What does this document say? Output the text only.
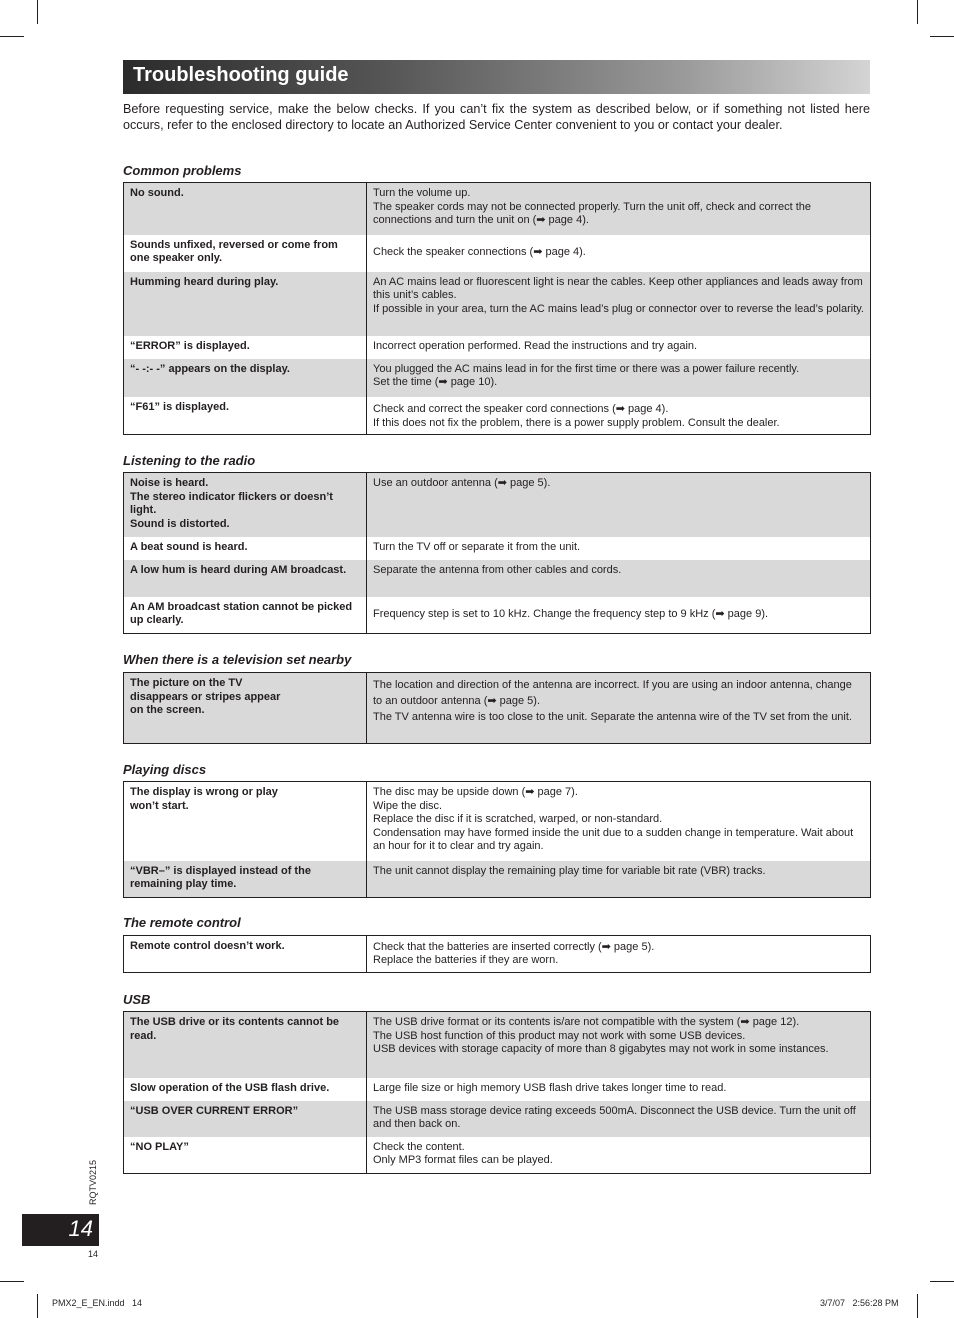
Troubleshooting guide
Before requesting service, make the below checks. If you can’t fix the system as described below, or if something not listed here occurs, refer to the enclosed directory to locate an Authorized Service Center convenient to you or contact your dealer.
Common problems
No sound.	Turn the volume up.
The speaker cords may not be connected properly. Turn the unit off, check and correct the connections and turn the unit on (➡ page 4).
Sounds unfixed, reversed or come from one speaker only.	Check the speaker connections (➡ page 4).
Humming heard during play.	An AC mains lead or fluorescent light is near the cables. Keep other appliances and leads away from this unit’s cables.
If possible in your area, turn the AC mains lead’s plug or connector over to reverse the lead’s polarity.
“ERROR” is displayed.	Incorrect operation performed. Read the instructions and try again.
“- -:- -” appears on the display.	You plugged the AC mains lead in for the first time or there was a power failure recently.
Set the time (➡ page 10).
“F61” is displayed.	Check and correct the speaker cord connections (➡ page 4).
If this does not fix the problem, there is a power supply problem. Consult the dealer.
Listening to the radio
Noise is heard.
The stereo indicator flickers or doesn’t light.
Sound is distorted.	Use an outdoor antenna (➡ page 5).
A beat sound is heard.	Turn the TV off or separate it from the unit.
A low hum is heard during AM broadcast.	Separate the antenna from other cables and cords.
An AM broadcast station cannot be picked up clearly.	Frequency step is set to 10 kHz. Change the frequency step to 9 kHz (➡ page 9).
When there is a television set nearby
The picture on the TV
disappears or stripes appear
on the screen.	The location and direction of the antenna are incorrect. If you are using an indoor antenna, change to an outdoor antenna (➡ page 5).
The TV antenna wire is too close to the unit. Separate the antenna wire of the TV set from the unit.
Playing discs
The display is wrong or play
won’t start.	The disc may be upside down (➡ page 7).
Wipe the disc.
Replace the disc if it is scratched, warped, or non-standard.
Condensation may have formed inside the unit due to a sudden change in temperature. Wait about an hour for it to clear and try again.
“VBR–” is displayed instead of the remaining play time.	The unit cannot display the remaining play time for variable bit rate (VBR) tracks.
The remote control
Remote control doesn’t work.	Check that the batteries are inserted correctly (➡ page 5).
Replace the batteries if they are worn.
USB
The USB drive or its contents cannot be read.	The USB drive format or its contents is/are not compatible with the system (➡ page 12).
The USB host function of this product may not work with some USB devices.
USB devices with storage capacity of more than 8 gigabytes may not work in some instances.
Slow operation of the USB flash drive.	Large file size or high memory USB flash drive takes longer time to read.
“USB OVER CURRENT ERROR”	The USB mass storage device rating exceeds 500mA. Disconnect the USB device. Turn the unit off and then back on.
“NO PLAY”	Check the content.
Only MP3 format files can be played.
RQTV0215
14
14
PMX2_E_EN.indd   14	3/7/07   2:56:28 PM
